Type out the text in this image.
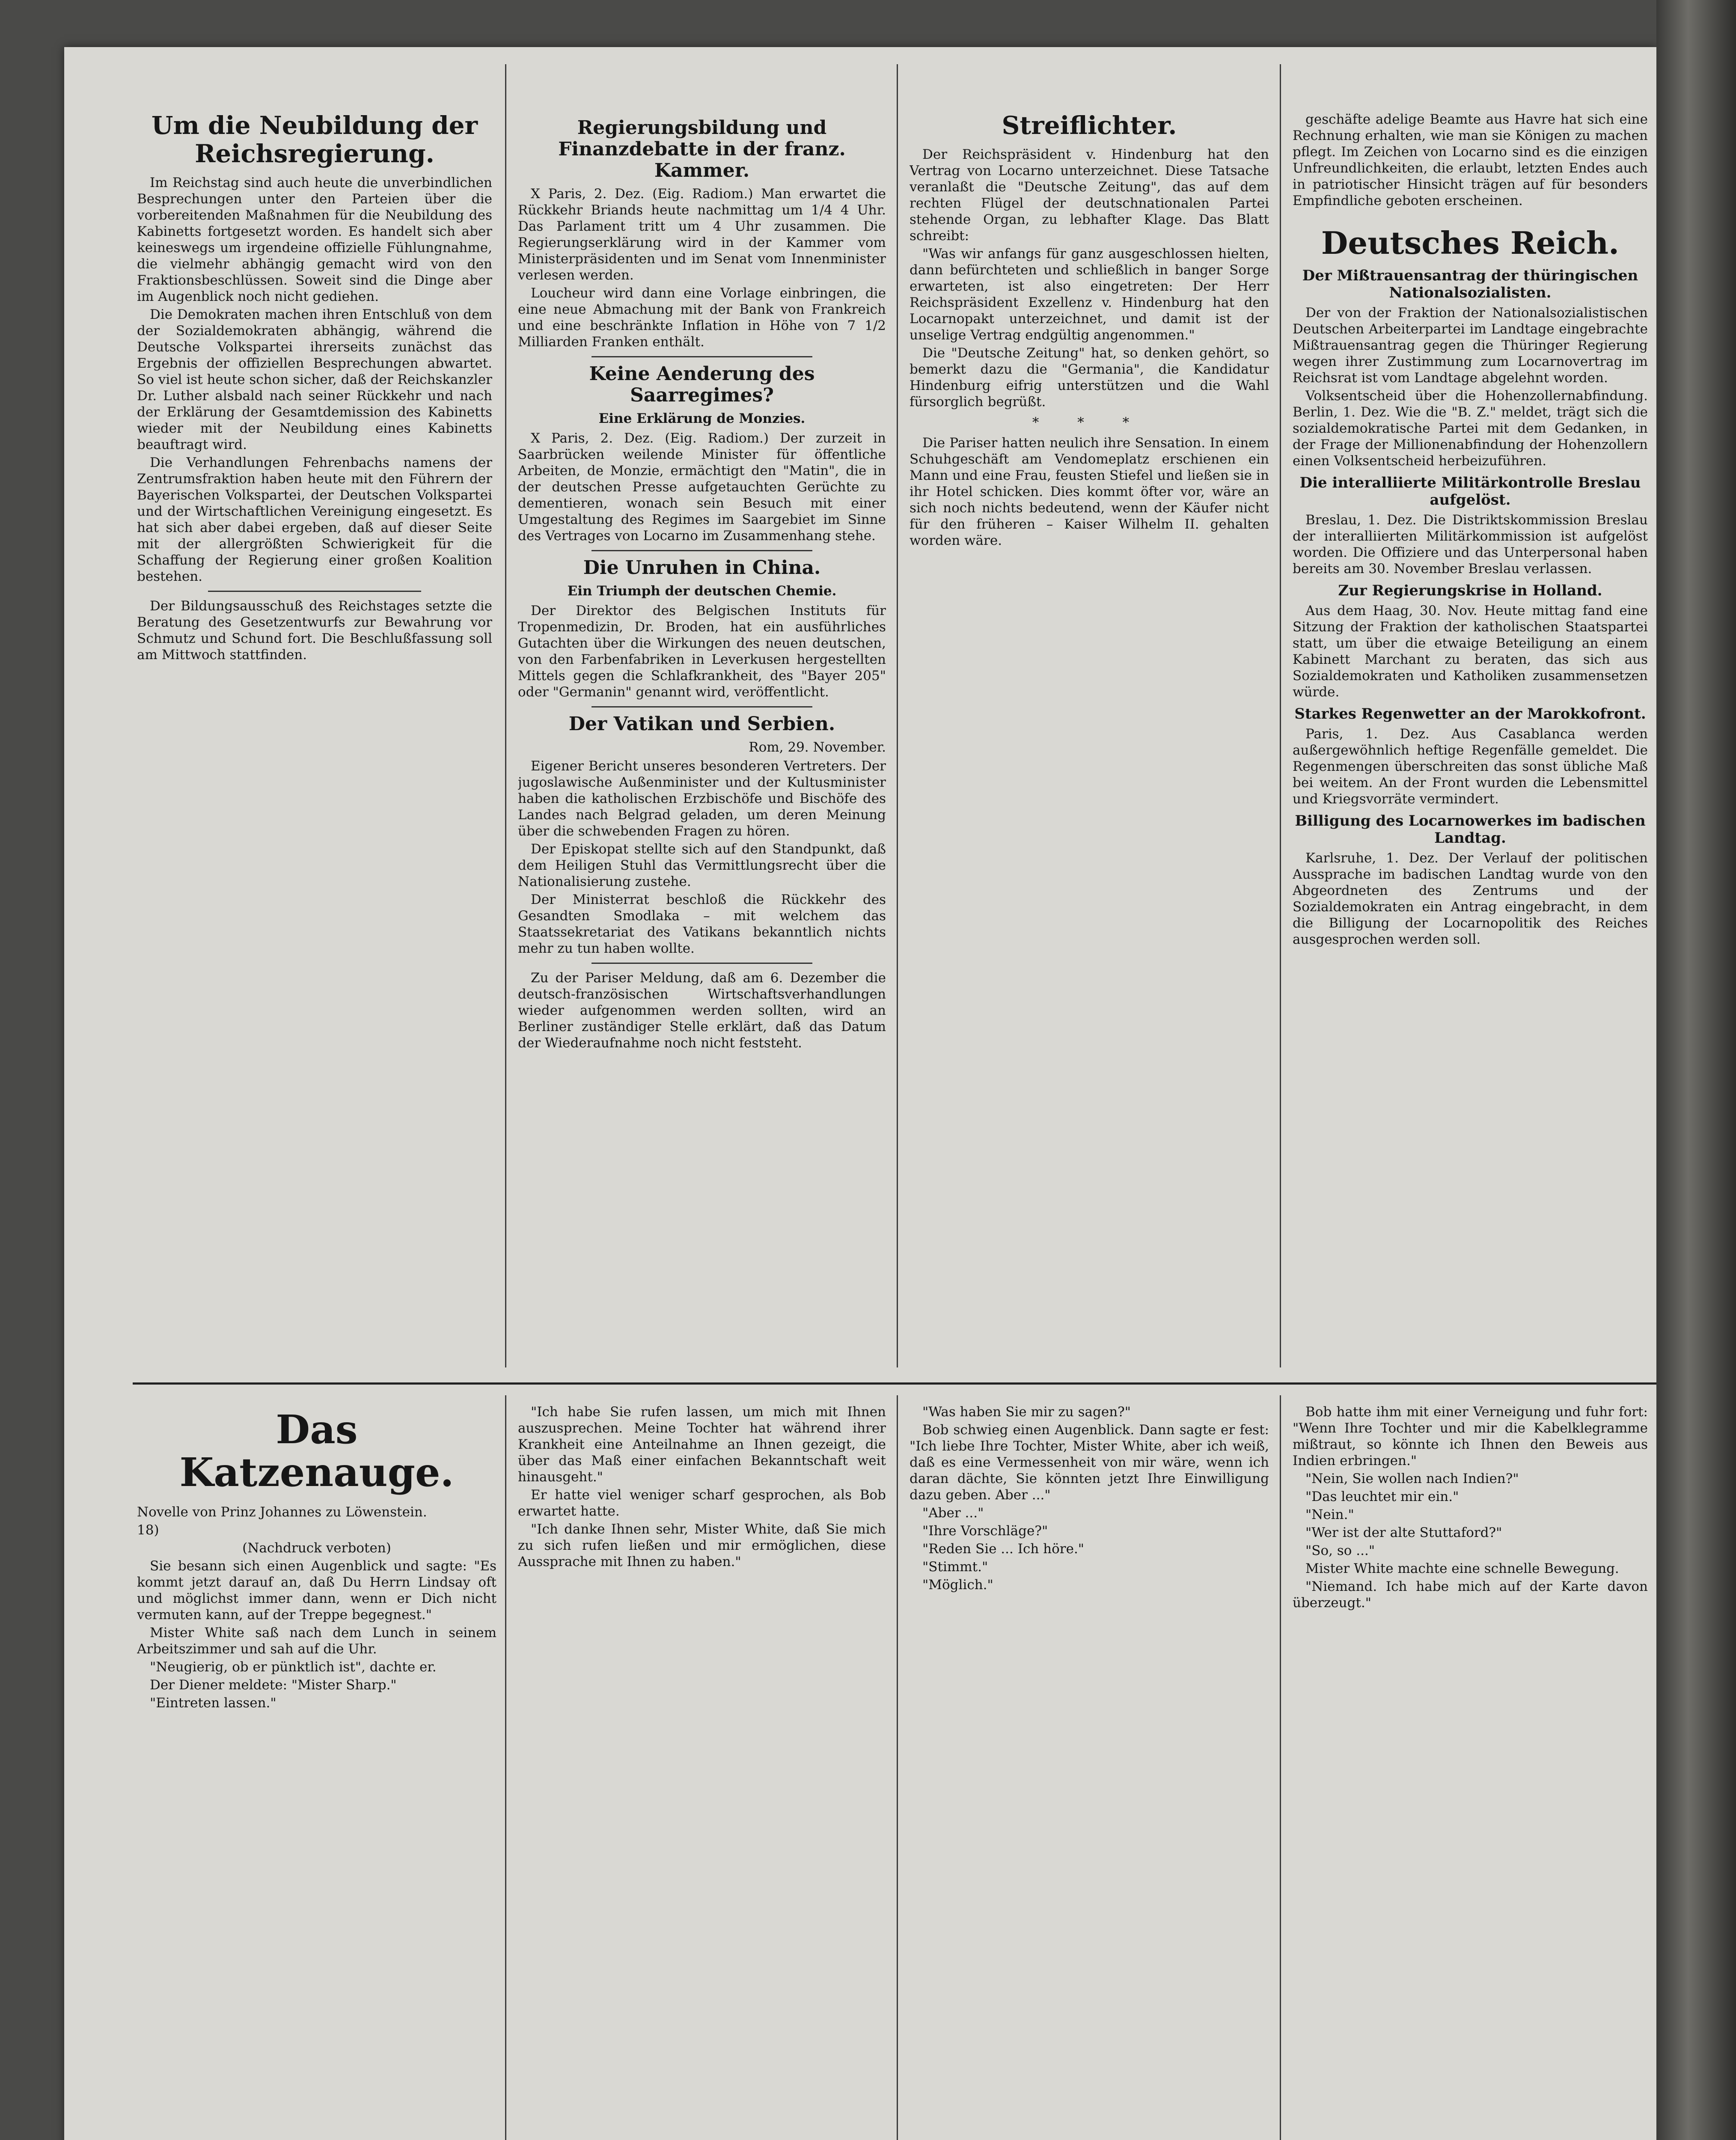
Um die Neubildung der Reichsregierung.

Im Reichstag sind auch heute die unverbindlichen Besprechungen unter den Parteien über die vorbereitenden Maßnahmen für die Neubildung des Kabinetts fortgesetzt worden. Es handelt sich aber keineswegs um irgendeine offizielle Fühlungnahme, die vielmehr abhängig gemacht wird von den Fraktionsbeschlüssen. Soweit sind die Dinge aber im Augenblick noch nicht gediehen.

Die Demokraten machen ihren Entschluß von dem der Sozialdemokraten abhängig, während die Deutsche Volkspartei ihrerseits zunächst das Ergebnis der offiziellen Besprechungen abwartet. So viel ist heute schon sicher, daß der Reichskanzler Dr. Luther alsbald nach seiner Rückkehr und nach der Erklärung der Gesamtdemission des Kabinetts wieder mit der Neubildung eines Kabinetts beauftragt wird.

Die Verhandlungen Fehrenbachs namens der Zentrumsfraktion haben heute mit den Führern der Bayerischen Volkspartei, der Deutschen Volkspartei und der Wirtschaftlichen Vereinigung eingesetzt. Es hat sich aber dabei ergeben, daß auf dieser Seite mit der allergrößten Schwierigkeit für die Schaffung der Regierung einer großen Koalition bestehen.

Der Bildungsausschuß des Reichstages setzte die Beratung des Gesetzentwurfs zur Bewahrung vor Schmutz und Schund fort. Die Beschlußfassung soll am Mittwoch stattfinden.

Regierungsbildung und Finanzdebatte in der franz. Kammer.

X Paris, 2. Dez. (Eig. Radiom.) Man erwartet die Rückkehr Briands heute nachmittag um 1/4 4 Uhr. Das Parlament tritt um 4 Uhr zusammen. Die Regierungserklärung wird in der Kammer vom Ministerpräsidenten und im Senat vom Innenminister verlesen werden.

Loucheur wird dann eine Vorlage einbringen, die eine neue Abmachung mit der Bank von Frankreich und eine beschränkte Inflation in Höhe von 7 1/2 Milliarden Franken enthält.

Keine Aenderung des Saarregimes?
Eine Erklärung de Monzies.

X Paris, 2. Dez. (Eig. Radiom.) Der zurzeit in Saarbrücken weilende Minister für öffentliche Arbeiten, de Monzie, ermächtigt den "Matin", die in der deutschen Presse aufgetauchten Gerüchte zu dementieren, wonach sein Besuch mit einer Umgestaltung des Regimes im Saargebiet im Sinne des Vertrages von Locarno im Zusammenhang stehe.

Die Unruhen in China.
Ein Triumph der deutschen Chemie.

Der Direktor des Belgischen Instituts für Tropenmedizin, Dr. Broden, hat ein ausführliches Gutachten über die Wirkungen des neuen deutschen, von den Farbenfabriken in Leverkusen hergestellten Mittels gegen die Schlafkrankheit, des "Bayer 205" oder "Germanin" genannt wird, veröffentlicht.

Der Vatikan und Serbien.
Rom, 29. November.

Eigener Bericht unseres besonderen Vertreters. Der jugoslawische Außenminister und der Kultusminister haben die katholischen Erzbischöfe und Bischöfe des Landes nach Belgrad geladen, um deren Meinung über die schwebenden Fragen zu hören.

Der Episkopat stellte sich auf den Standpunkt, daß dem Heiligen Stuhl das Vermittlungsrecht über die Nationalisierung zustehe.

Der Ministerrat beschloß die Rückkehr des Gesandten Smodlaka – mit welchem das Staatssekretariat des Vatikans bekanntlich nichts mehr zu tun haben wollte.

Zu der Pariser Meldung, daß am 6. Dezember die deutsch-französischen Wirtschaftsverhandlungen wieder aufgenommen werden sollten, wird an Berliner zuständiger Stelle erklärt, daß das Datum der Wiederaufnahme noch nicht feststeht.

Streiflichter.

Der Reichspräsident v. Hindenburg hat den Vertrag von Locarno unterzeichnet. Diese Tatsache veranlaßt die "Deutsche Zeitung", das auf dem rechten Flügel der deutschnationalen Partei stehende Organ, zu lebhafter Klage. Das Blatt schreibt:

"Was wir anfangs für ganz ausgeschlossen hielten, dann befürchteten und schließlich in banger Sorge erwarteten, ist also eingetreten: Der Herr Reichspräsident Exzellenz v. Hindenburg hat den Locarnopakt unterzeichnet, und damit ist der unselige Vertrag endgültig angenommen."

Die "Deutsche Zeitung" hat, so denken gehört, so bemerkt dazu die "Germania", die Kandidatur Hindenburg eifrig unterstützen und die Wahl fürsorglich begrüßt.

* * *

Die Pariser hatten neulich ihre Sensation. In einem Schuhgeschäft am Vendomeplatz erschienen ein Mann und eine Frau, feusten Stiefel und ließen sie in ihr Hotel schicken. Dies kommt öfter vor, wäre an sich noch nichts bedeutend, wenn der Käufer nicht für den früheren – Kaiser Wilhelm II. gehalten worden wäre.

geschäfte adelige Beamte aus Havre hat sich eine Rechnung erhalten, wie man sie Königen zu machen pflegt. Im Zeichen von Locarno sind es die einzigen Unfreundlichkeiten, die erlaubt, letzten Endes auch in patriotischer Hinsicht trägen auf für besonders Empfindliche geboten erscheinen.

Deutsches Reich.
Der Mißtrauensantrag der thüringischen Nationalsozialisten.

Der von der Fraktion der Nationalsozialistischen Deutschen Arbeiterpartei im Landtage eingebrachte Mißtrauensantrag gegen die Thüringer Regierung wegen ihrer Zustimmung zum Locarnovertrag im Reichsrat ist vom Landtage abgelehnt worden.

Volksentscheid über die Hohenzollernabfindung. Berlin, 1. Dez. Wie die "B. Z." meldet, trägt sich die sozialdemokratische Partei mit dem Gedanken, in der Frage der Millionenabfindung der Hohenzollern einen Volksentscheid herbeizuführen.

Die interalliierte Militärkontrolle Breslau aufgelöst.

Breslau, 1. Dez. Die Distriktskommission Breslau der interalliierten Militärkommission ist aufgelöst worden. Die Offiziere und das Unterpersonal haben bereits am 30. November Breslau verlassen.

Zur Regierungskrise in Holland.

Aus dem Haag, 30. Nov. Heute mittag fand eine Sitzung der Fraktion der katholischen Staatspartei statt, um über die etwaige Beteiligung an einem Kabinett Marchant zu beraten, das sich aus Sozialdemokraten und Katholiken zusammensetzen würde.

Starkes Regenwetter an der Marokkofront.

Paris, 1. Dez. Aus Casablanca werden außergewöhnlich heftige Regenfälle gemeldet. Die Regenmengen überschreiten das sonst übliche Maß bei weitem. An der Front wurden die Lebensmittel und Kriegsvorräte vermindert.

Billigung des Locarnowerkes im badischen Landtag.

Karlsruhe, 1. Dez. Der Verlauf der politischen Aussprache im badischen Landtag wurde von den Abgeordneten des Zentrums und der Sozialdemokraten ein Antrag eingebracht, in dem die Billigung der Locarnopolitik des Reiches ausgesprochen werden soll.

Das Katzenauge.

Novelle von Prinz Johannes zu Löwenstein.

18)

(Nachdruck verboten)

Sie besann sich einen Augenblick und sagte: "Es kommt jetzt darauf an, daß Du Herrn Lindsay oft und möglichst immer dann, wenn er Dich nicht vermuten kann, auf der Treppe begegnest."

Mister White saß nach dem Lunch in seinem Arbeitszimmer und sah auf die Uhr.

"Neugierig, ob er pünktlich ist", dachte er.

Der Diener meldete: "Mister Sharp."

"Eintreten lassen."

"Ich habe Sie rufen lassen, um mich mit Ihnen auszusprechen. Meine Tochter hat während ihrer Krankheit eine Anteilnahme an Ihnen gezeigt, die über das Maß einer einfachen Bekanntschaft weit hinausgeht."

Er hatte viel weniger scharf gesprochen, als Bob erwartet hatte.

"Ich danke Ihnen sehr, Mister White, daß Sie mich zu sich rufen ließen und mir ermöglichen, diese Aussprache mit Ihnen zu haben."

"Was haben Sie mir zu sagen?"

Bob schwieg einen Augenblick. Dann sagte er fest: "Ich liebe Ihre Tochter, Mister White, aber ich weiß, daß es eine Vermessenheit von mir wäre, wenn ich daran dächte, Sie könnten jetzt Ihre Einwilligung dazu geben. Aber ..."

"Aber ..."

"Ihre Vorschläge?"

"Reden Sie ... Ich höre."

"Stimmt."

"Möglich."

Bob hatte ihm mit einer Verneigung und fuhr fort: "Wenn Ihre Tochter und mir die Kabelklegramme mißtraut, so könnte ich Ihnen den Beweis aus Indien erbringen."

"Nein, Sie wollen nach Indien?"

"Das leuchtet mir ein."

"Nein."

"Wer ist der alte Stuttaford?"

"So, so ..."

Mister White machte eine schnelle Bewegung.

"Niemand. Ich habe mich auf der Karte davon überzeugt."
